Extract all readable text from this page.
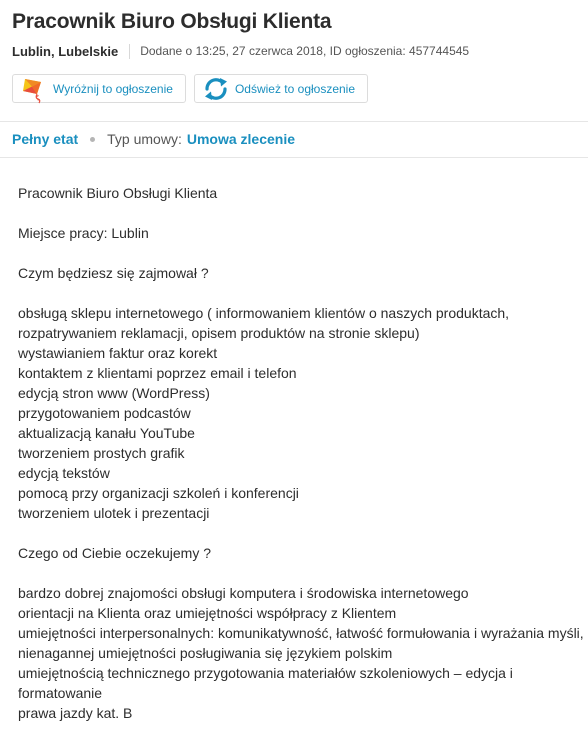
Pracownik Biuro Obsługi Klienta
Lublin, Lubelskie Dodane o 13:25, 27 czerwca 2018, ID ogłoszenia: 457744545
Wyróżnij to ogłoszenie	Odśwież to ogłoszenie
Pełny etat Typ umowy: Umowa zlecenie
Pracownik Biuro Obsługi Klienta
Miejsce pracy: Lublin
Czym będziesz się zajmował ?
obsługą sklepu internetowego ( informowaniem klientów o naszych produktach, rozpatrywaniem reklamacji, opisem produktów na stronie sklepu)
wystawianiem faktur oraz korekt
kontaktem z klientami poprzez email i telefon
edycją stron www (WordPress)
przygotowaniem podcastów
aktualizacją kanału YouTube
tworzeniem prostych grafik
edycją tekstów
pomocą przy organizacji szkoleń i konferencji
tworzeniem ulotek i prezentacji
Czego od Ciebie oczekujemy ?
bardzo dobrej znajomości obsługi komputera i środowiska internetowego
orientacji na Klienta oraz umiejętności współpracy z Klientem
umiejętności interpersonalnych: komunikatywność, łatwość formułowania i wyrażania myśli,
nienagannej umiejętności posługiwania się językiem polskim
umiejętnością technicznego przygotowania materiałów szkoleniowych – edycja i formatowanie
prawa jazdy kat. B
